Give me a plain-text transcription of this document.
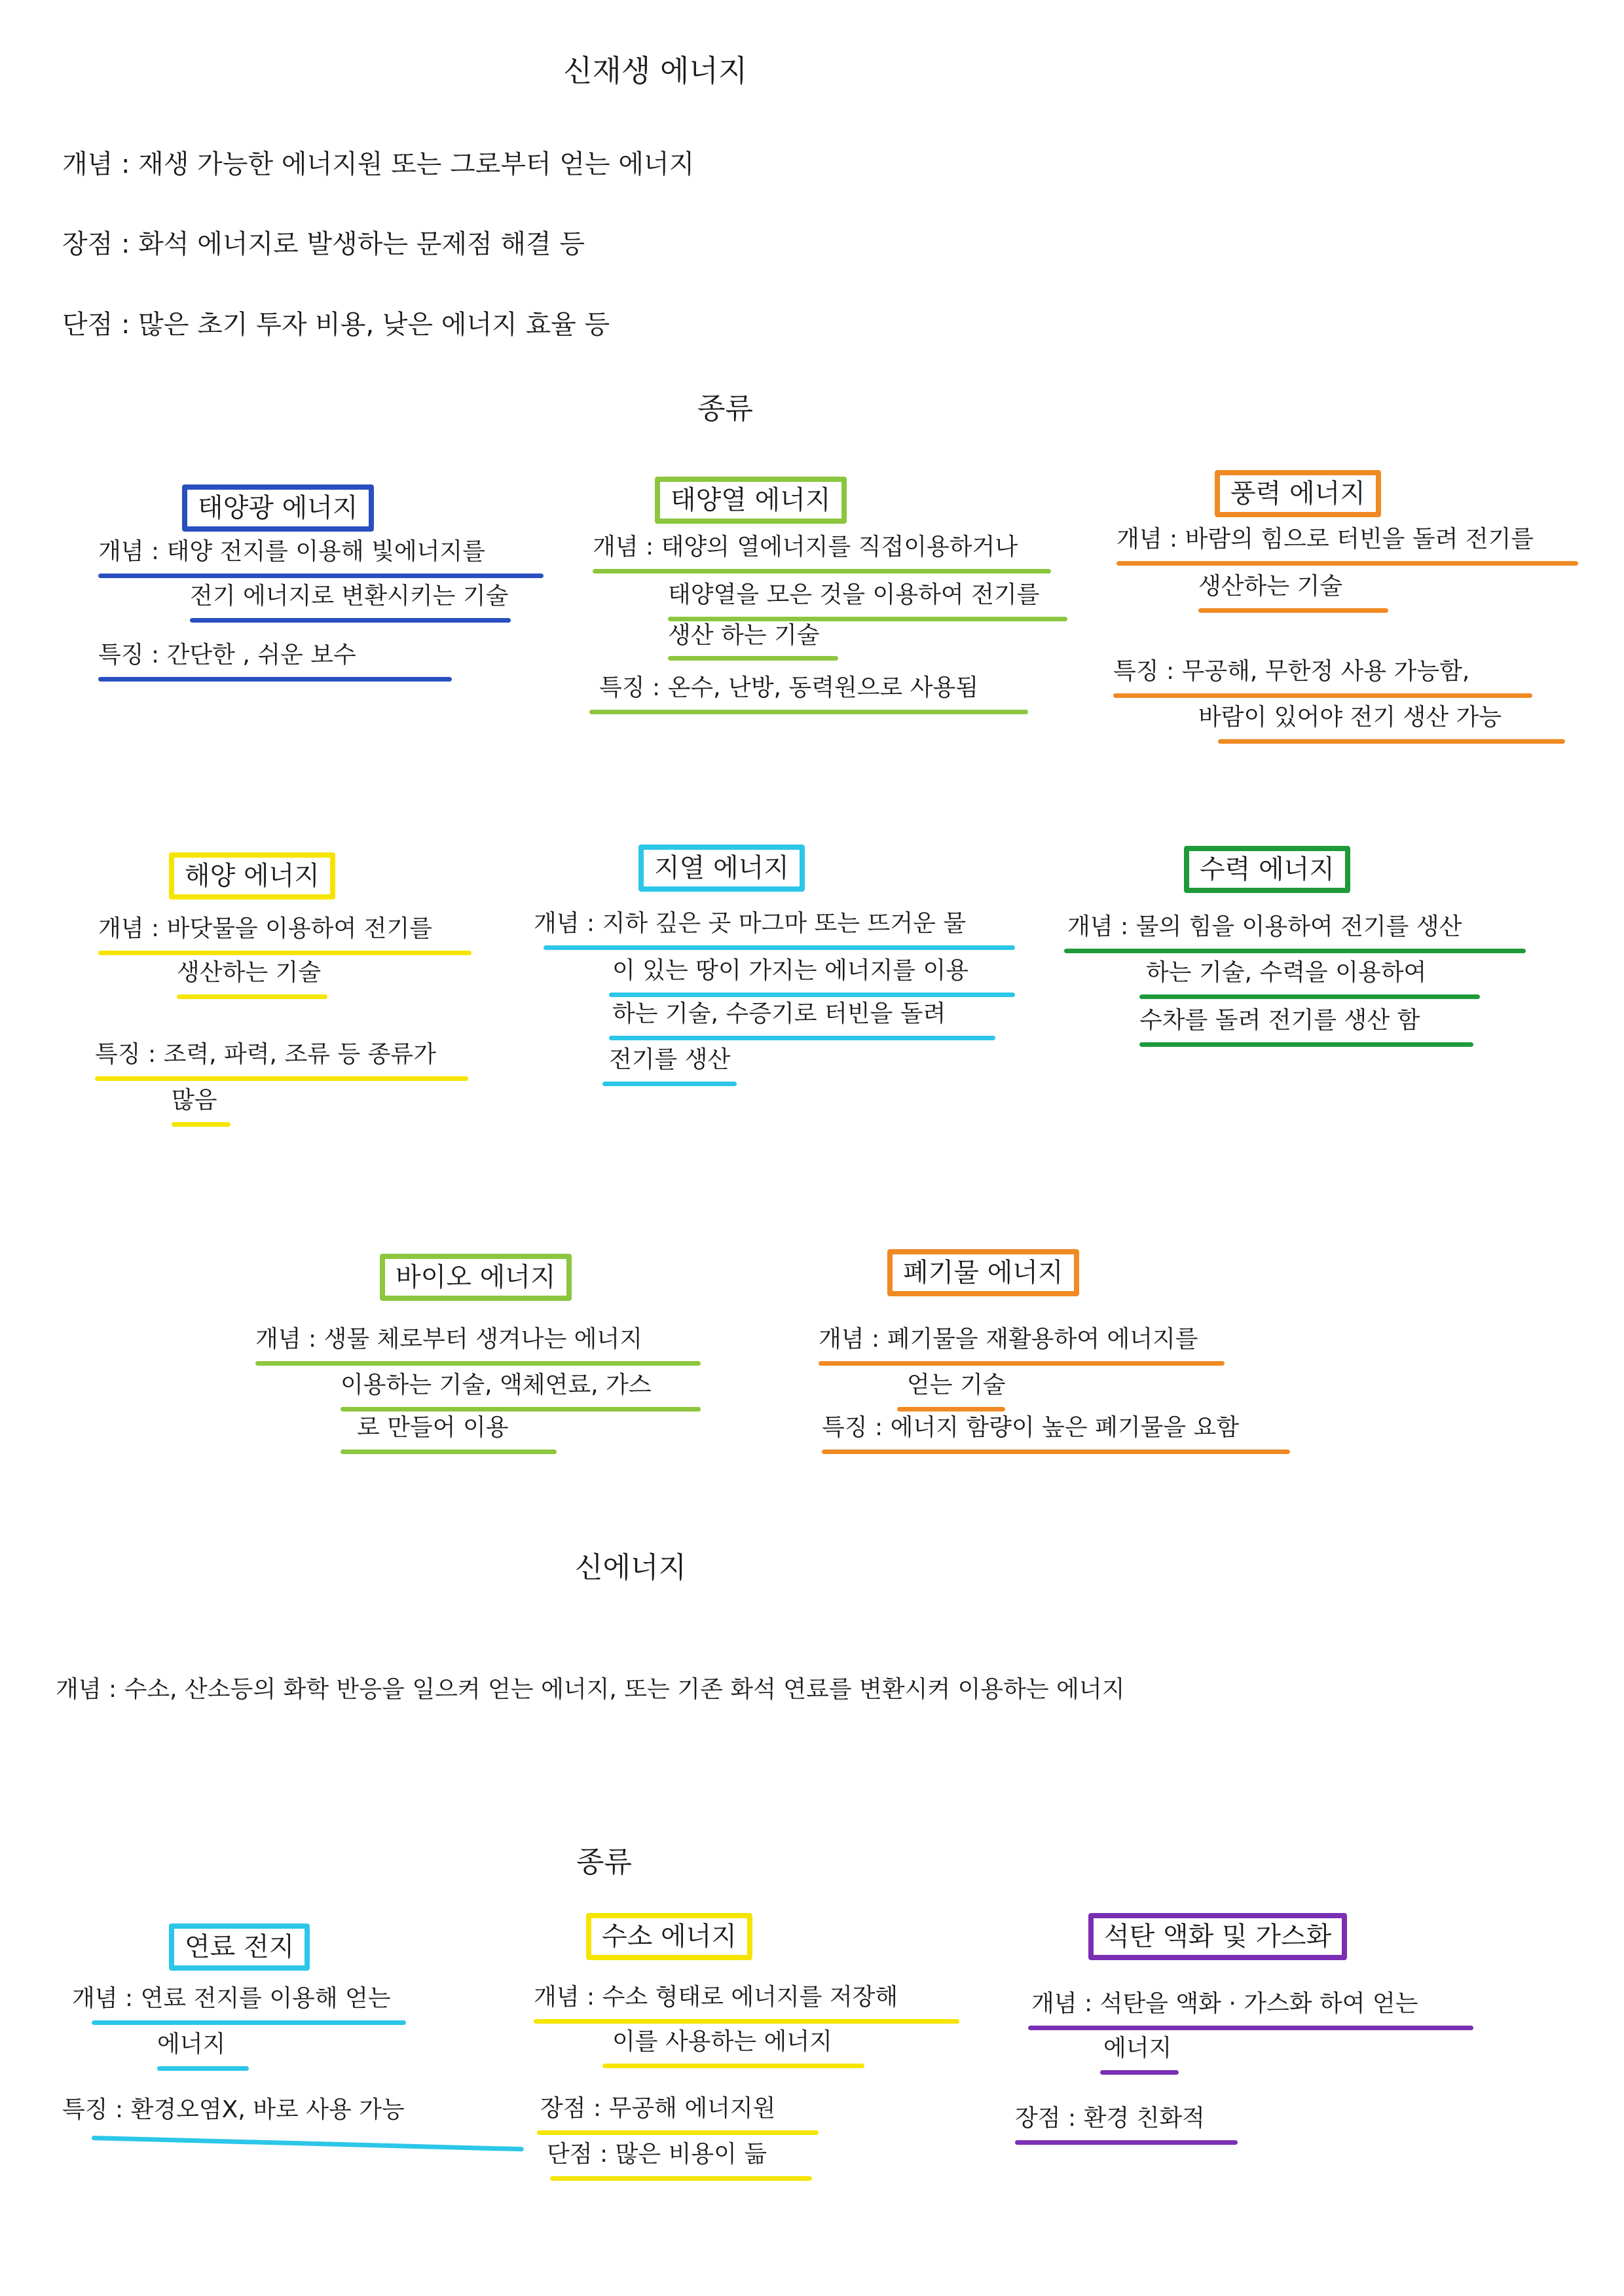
신재생 에너지
개념 : 재생 가능한 에너지원 또는 그로부터 얻는 에너지
장점 : 화석 에너지로 발생하는 문제점 해결 등
단점 : 많은 초기 투자 비용, 낮은 에너지 효율 등
종류
태양광 에너지
개념 : 태양 전지를 이용해 빛에너지를
전기 에너지로 변환시키는 기술
특징 : 간단한 , 쉬운 보수
태양열 에너지
개념 : 태양의 열에너지를 직접이용하거나
태양열을 모은 것을 이용하여 전기를
생산 하는 기술
특징 : 온수, 난방, 동력원으로 사용됨
풍력 에너지
개념 : 바람의 힘으로 터빈을 돌려 전기를
생산하는 기술
특징 : 무공해, 무한정 사용 가능함,
바람이 있어야 전기 생산 가능
해양 에너지
개념 : 바닷물을 이용하여 전기를
생산하는 기술
특징 : 조력, 파력, 조류 등 종류가
많음
지열 에너지
개념 : 지하 깊은 곳 마그마 또는 뜨거운 물
이 있는 땅이 가지는 에너지를 이용
하는 기술, 수증기로 터빈을 돌려
전기를 생산
수력 에너지
개념 : 물의 힘을 이용하여 전기를 생산
하는 기술, 수력을 이용하여
수차를 돌려 전기를 생산 함
바이오 에너지
개념 : 생물 체로부터 생겨나는 에너지
이용하는 기술, 액체연료, 가스
로 만들어 이용
폐기물 에너지
개념 : 폐기물을 재활용하여 에너지를
얻는 기술
특징 : 에너지 함량이 높은 폐기물을 요함
신에너지
개념 : 수소, 산소등의 화학 반응을 일으켜 얻는 에너지, 또는 기존 화석 연료를 변환시켜 이용하는 에너지
종류
연료 전지
개념 : 연료 전지를 이용해 얻는
에너지
특징 : 환경오염X, 바로 사용 가능
수소 에너지
개념 : 수소 형태로 에너지를 저장해
이를 사용하는 에너지
장점 : 무공해 에너지원
단점 : 많은 비용이 듦
석탄 액화 및 가스화
개념 : 석탄을 액화 · 가스화 하여 얻는
에너지
장점 : 환경 친화적
